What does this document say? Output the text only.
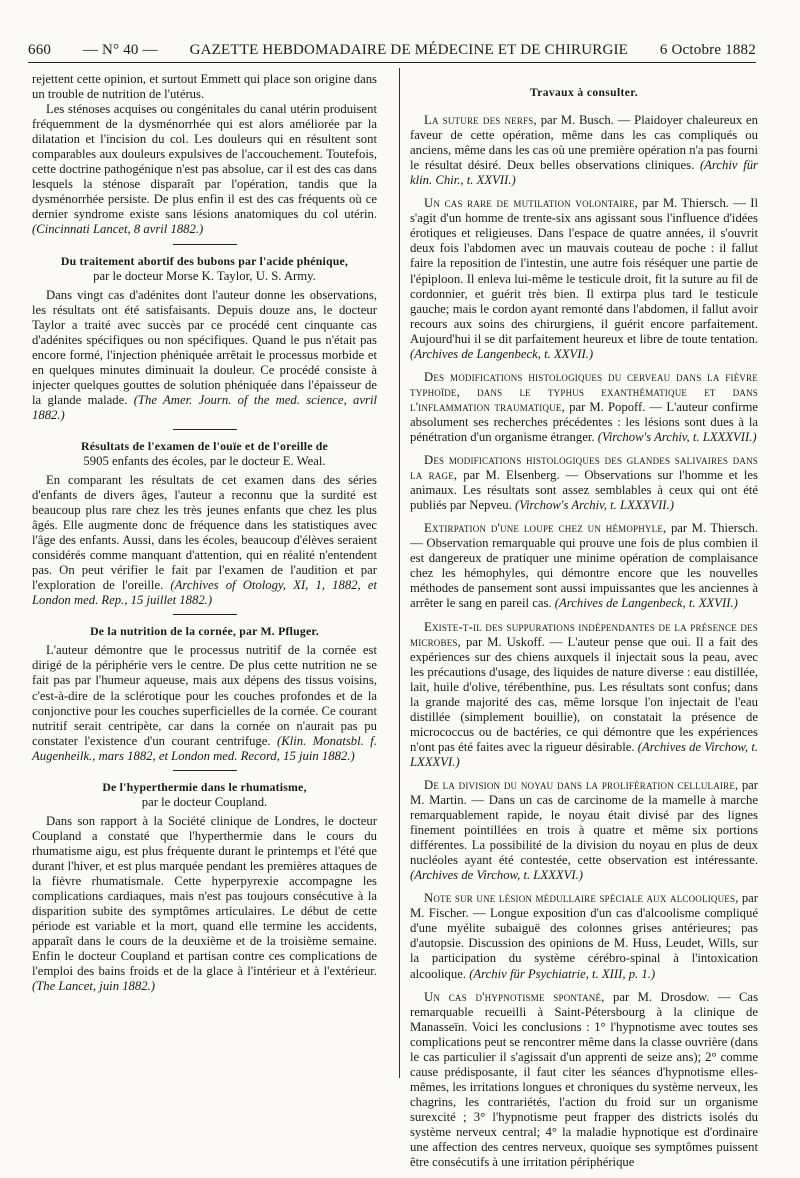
660 — N° 40 — GAZETTE HEBDOMADAIRE DE MÉDECINE ET DE CHIRURGIE 6 Octobre 1882

rejettent cette opinion, et surtout Emmett qui place son origine dans un trouble de nutrition de l'utérus.

Les sténoses acquises ou congénitales du canal utérin produisent fréquemment de la dysménorrhée qui est alors améliorée par la dilatation et l'incision du col. Les douleurs qui en résultent sont comparables aux douleurs expulsives de l'accouchement. Toutefois, cette doctrine pathogénique n'est pas absolue, car il est des cas dans lesquels la sténose disparaît par l'opération, tandis que la dysménorrhée persiste. De plus enfin il est des cas fréquents où ce dernier syndrome existe sans lésions anatomiques du col utérin. (Cincinnati Lancet, 8 avril 1882.)

Du traitement abortif des bubons par l'acide phénique,
par le docteur Morse K. Taylor, U. S. Army.

Dans vingt cas d'adénites dont l'auteur donne les observations, les résultats ont été satisfaisants. Depuis douze ans, le docteur Taylor a traité avec succès par ce procédé cent cinquante cas d'adénites spécifiques ou non spécifiques. Quand le pus n'était pas encore formé, l'injection phéniquée arrêtait le processus morbide et en quelques minutes diminuait la douleur. Ce procédé consiste à injecter quelques gouttes de solution phéniquée dans l'épaisseur de la glande malade. (The Amer. Journ. of the med. science, avril 1882.)

Résultats de l'examen de l'ouïe et de l'oreille de
5905 enfants des écoles, par le docteur E. Weal.

En comparant les résultats de cet examen dans des séries d'enfants de divers âges, l'auteur a reconnu que la surdité est beaucoup plus rare chez les très jeunes enfants que chez les plus âgés. Elle augmente donc de fréquence dans les statistiques avec l'âge des enfants. Aussi, dans les écoles, beaucoup d'élèves seraient considérés comme manquant d'attention, qui en réalité n'entendent pas. On peut vérifier le fait par l'examen de l'audition et par l'exploration de l'oreille. (Archives of Otology, XI, 1, 1882, et London med. Rep., 15 juillet 1882.)

De la nutrition de la cornée, par M. Pfluger.

L'auteur démontre que le processus nutritif de la cornée est dirigé de la périphérie vers le centre. De plus cette nutrition ne se fait pas par l'humeur aqueuse, mais aux dépens des tissus voisins, c'est-à-dire de la sclérotique pour les couches profondes et de la conjonctive pour les couches superficielles de la cornée. Ce courant nutritif serait centripète, car dans la cornée on n'aurait pas pu constater l'existence d'un courant centrifuge. (Klin. Monatsbl. f. Augenheilk., mars 1882, et London med. Record, 15 juin 1882.)

De l'hyperthermie dans le rhumatisme,
par le docteur Coupland.

Dans son rapport à la Société clinique de Londres, le docteur Coupland a constaté que l'hyperthermie dans le cours du rhumatisme aigu, est plus fréquente durant le printemps et l'été que durant l'hiver, et est plus marquée pendant les premières attaques de la fièvre rhumatismale. Cette hyperpyrexie accompagne les complications cardiaques, mais n'est pas toujours consécutive à la disparition subite des symptômes articulaires. Le début de cette période est variable et la mort, quand elle termine les accidents, apparaît dans le cours de la deuxième et de la troisième semaine. Enfin le docteur Coupland et partisan contre ces complications de l'emploi des bains froids et de la glace à l'intérieur et à l'extérieur. (The Lancet, juin 1882.)

Travaux à consulter.

La suture des nerfs, par M. Busch. — Plaidoyer chaleureux en faveur de cette opération, même dans les cas compliqués ou anciens, même dans les cas où une première opération n'a pas fourni le résultat désiré. Deux belles observations cliniques. (Archiv für klin. Chir., t. XXVII.)

Un cas rare de mutilation volontaire, par M. Thiersch. — Il s'agit d'un homme de trente-six ans agissant sous l'influence d'idées érotiques et religieuses. Dans l'espace de quatre années, il s'ouvrit deux fois l'abdomen avec un mauvais couteau de poche : il fallut faire la reposition de l'intestin, une autre fois réséquer une partie de l'épiploon. Il enleva lui-même le testicule droit, fit la suture au fil de cordonnier, et guérit très bien. Il extirpa plus tard le testicule gauche; mais le cordon ayant remonté dans l'abdomen, il fallut avoir recours aux soins des chirurgiens, il guérit encore parfaitement. Aujourd'hui il se dit parfaitement heureux et libre de toute tentation. (Archives de Langenbeck, t. XXVII.)

Des modifications histologiques du cerveau dans la fièvre typhoïde, dans le typhus exanthématique et dans l'inflammation traumatique, par M. Popoff. — L'auteur confirme absolument ses recherches précédentes : les lésions sont dues à la pénétration d'un organisme étranger. (Virchow's Archiv, t. LXXXVII.)

Des modifications histologiques des glandes salivaires dans la rage, par M. Elsenberg. — Observations sur l'homme et les animaux. Les résultats sont assez semblables à ceux qui ont été publiés par Nepveu. (Virchow's Archiv, t. LXXXVII.)

Extirpation d'une loupe chez un hémophyle, par M. Thiersch. — Observation remarquable qui prouve une fois de plus combien il est dangereux de pratiquer une minime opération de complaisance chez les hémophyles, qui démontre encore que les nouvelles méthodes de pansement sont aussi impuissantes que les anciennes à arrêter le sang en pareil cas. (Archives de Langenbeck, t. XXVII.)

Existe-t-il des suppurations indépendantes de la présence des microbes, par M. Uskoff. — L'auteur pense que oui. Il a fait des expériences sur des chiens auxquels il injectait sous la peau, avec les précautions d'usage, des liquides de nature diverse : eau distillée, lait, huile d'olive, térébenthine, pus. Les résultats sont confus; dans la grande majorité des cas, même lorsque l'on injectait de l'eau distillée (simplement bouillie), on constatait la présence de micrococcus ou de bactéries, ce qui démontre que les expériences n'ont pas été faites avec la rigueur désirable. (Archives de Virchow, t. LXXXVI.)

De la division du noyau dans la prolifération cellulaire, par M. Martin. — Dans un cas de carcinome de la mamelle à marche remarquablement rapide, le noyau était divisé par des lignes finement pointillées en trois à quatre et même six portions différentes. La possibilité de la division du noyau en plus de deux nucléoles ayant été contestée, cette observation est intéressante. (Archives de Virchow, t. LXXXVI.)

Note sur une lésion médullaire spéciale aux alcooliques, par M. Fischer. — Longue exposition d'un cas d'alcoolisme compliqué d'une myélite subaiguë des colonnes grises antérieures; pas d'autopsie. Discussion des opinions de M. Huss, Leudet, Wills, sur la participation du système cérébro-spinal à l'intoxication alcoolique. (Archiv für Psychiatrie, t. XIII, p. 1.)

Un cas d'hypnotisme spontané, par M. Drosdow. — Cas remarquable recueilli à Saint-Pétersbourg à la clinique de Manasseïn. Voici les conclusions : 1° l'hypnotisme avec toutes ses complications peut se rencontrer même dans la classe ouvrière (dans le cas particulier il s'agissait d'un apprenti de seize ans); 2° comme cause prédisposante, il faut citer les séances d'hypnotisme elles-mêmes, les irritations longues et chroniques du système nerveux, les chagrins, les contrariétés, l'action du froid sur un organisme surexcité ; 3° l'hypnotisme peut frapper des districts isolés du système nerveux central; 4° la maladie hypnotique est d'ordinaire une affection des centres nerveux, quoique ses symptômes puissent être consécutifs à une irritation périphérique
